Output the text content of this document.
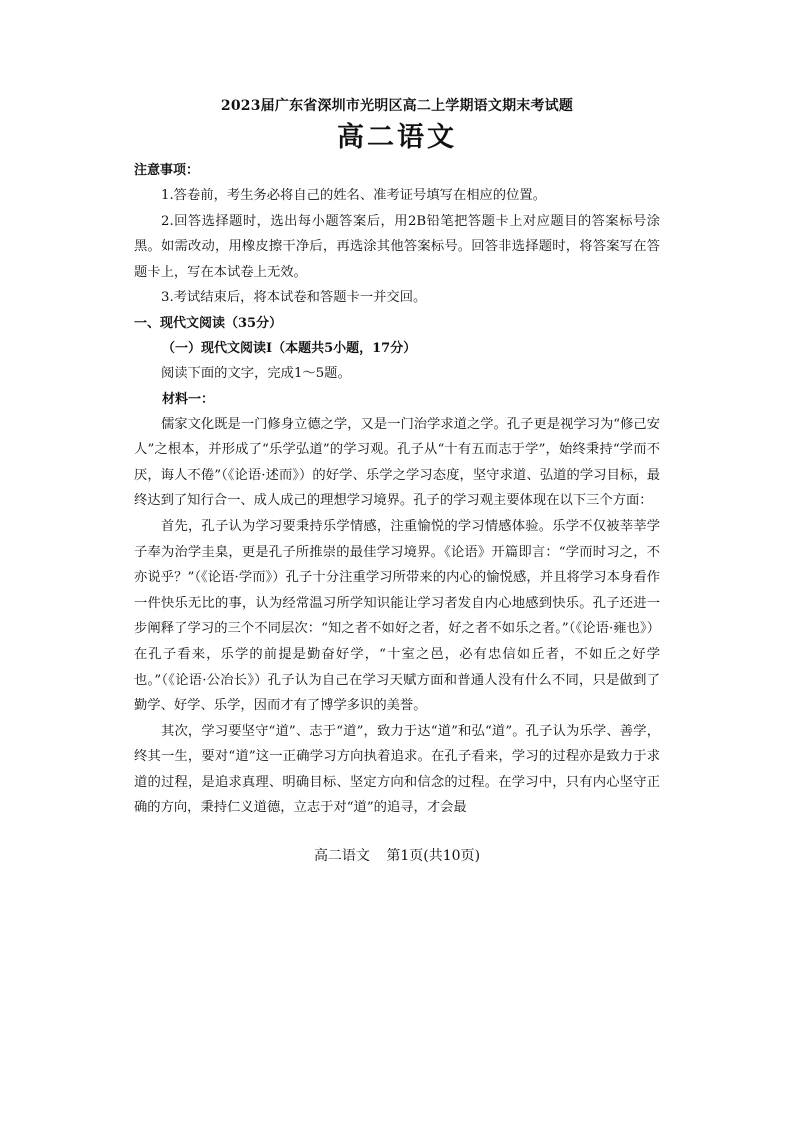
2023届广东省深圳市光明区高二上学期语文期末考试题
高二语文
注意事项：

1.答卷前，考生务必将自己的姓名、准考证号填写在相应的位置。

2.回答选择题时，选出每小题答案后，用2B铅笔把答题卡上对应题目的答案标号涂黑。如需改动，用橡皮擦干净后，再选涂其他答案标号。回答非选择题时，将答案写在答题卡上，写在本试卷上无效。

3.考试结束后，将本试卷和答题卡一并交回。

一、现代文阅读（35分）
（一）现代文阅读Ⅰ（本题共5小题，17分）

阅读下面的文字，完成1～5题。

材料一：

儒家文化既是一门修身立德之学，又是一门治学求道之学。孔子更是视学习为“修己安人”之根本，并形成了“乐学弘道”的学习观。孔子从“十有五而志于学”，始终秉持“学而不厌，诲人不倦”（《论语·述而》）的好学、乐学之学习态度，坚守求道、弘道的学习目标，最终达到了知行合一、成人成己的理想学习境界。孔子的学习观主要体现在以下三个方面：

首先，孔子认为学习要秉持乐学情感，注重愉悦的学习情感体验。乐学不仅被莘莘学子奉为治学圭臬，更是孔子所推崇的最佳学习境界。《论语》开篇即言：“学而时习之，不亦说乎？”（《论语·学而》）孔子十分注重学习所带来的内心的愉悦感，并且将学习本身看作一件快乐无比的事，认为经常温习所学知识能让学习者发自内心地感到快乐。孔子还进一步阐释了学习的三个不同层次：“知之者不如好之者，好之者不如乐之者。”（《论语·雍也》）在孔子看来，乐学的前提是勤奋好学，“十室之邑，必有忠信如丘者，不如丘之好学也。”（《论语·公冶长》）孔子认为自己在学习天赋方面和普通人没有什么不同，只是做到了勤学、好学、乐学，因而才有了博学多识的美誉。

其次，学习要坚守“道”、志于“道”，致力于达“道”和弘“道”。孔子认为乐学、善学，终其一生，要对“道”这一正确学习方向执着追求。在孔子看来，学习的过程亦是致力于求道的过程，是追求真理、明确目标、坚定方向和信念的过程。在学习中，只有内心坚守正确的方向，秉持仁义道德，立志于对“道”的追寻，才会最

高二语文 第1页(共10页)
